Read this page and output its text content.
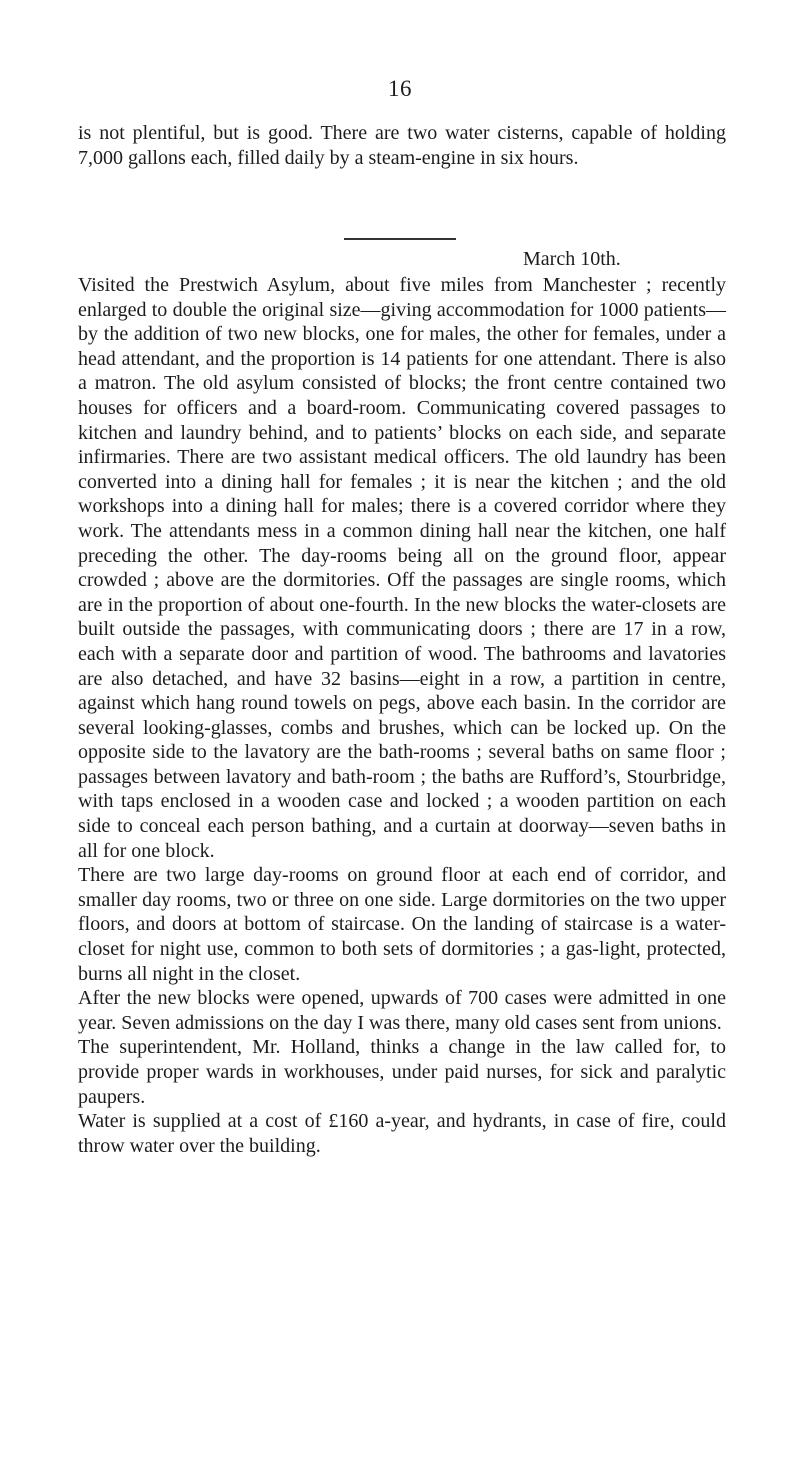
16

is not plentiful, but is good. There are two water cisterns, capable of holding 7,000 gallons each, filled daily by a steam-engine in six hours.

March 10th.

Visited the Prestwich Asylum, about five miles from Manchester ; recently enlarged to double the original size—giving accommodation for 1000 patients—by the addition of two new blocks, one for males, the other for females, under a head attendant, and the proportion is 14 patients for one attendant. There is also a matron. The old asylum consisted of blocks; the front centre contained two houses for officers and a board-room. Communicating covered passages to kitchen and laundry behind, and to patients’ blocks on each side, and separate infirmaries. There are two assistant medical officers. The old laundry has been converted into a dining hall for females ; it is near the kitchen ; and the old workshops into a dining hall for males; there is a covered corridor where they work. The attendants mess in a common dining hall near the kitchen, one half preceding the other. The day-rooms being all on the ground floor, appear crowded ; above are the dormitories. Off the passages are single rooms, which are in the proportion of about one-fourth. In the new blocks the water-closets are built outside the passages, with communicating doors ; there are 17 in a row, each with a separate door and partition of wood. The bathrooms and lavatories are also detached, and have 32 basins—eight in a row, a partition in centre, against which hang round towels on pegs, above each basin. In the corridor are several looking-glasses, combs and brushes, which can be locked up. On the opposite side to the lavatory are the bath-rooms ; several baths on same floor ; passages between lavatory and bath-room ; the baths are Rufford’s, Stourbridge, with taps enclosed in a wooden case and locked ; a wooden partition on each side to conceal each person bathing, and a curtain at doorway—seven baths in all for one block.

There are two large day-rooms on ground floor at each end of corridor, and smaller day rooms, two or three on one side. Large dormitories on the two upper floors, and doors at bottom of staircase. On the landing of staircase is a water-closet for night use, common to both sets of dormitories ; a gas-light, protected, burns all night in the closet.

After the new blocks were opened, upwards of 700 cases were admitted in one year. Seven admissions on the day I was there, many old cases sent from unions.

The superintendent, Mr. Holland, thinks a change in the law called for, to provide proper wards in workhouses, under paid nurses, for sick and paralytic paupers.

Water is supplied at a cost of £160 a-year, and hydrants, in case of fire, could throw water over the building.
